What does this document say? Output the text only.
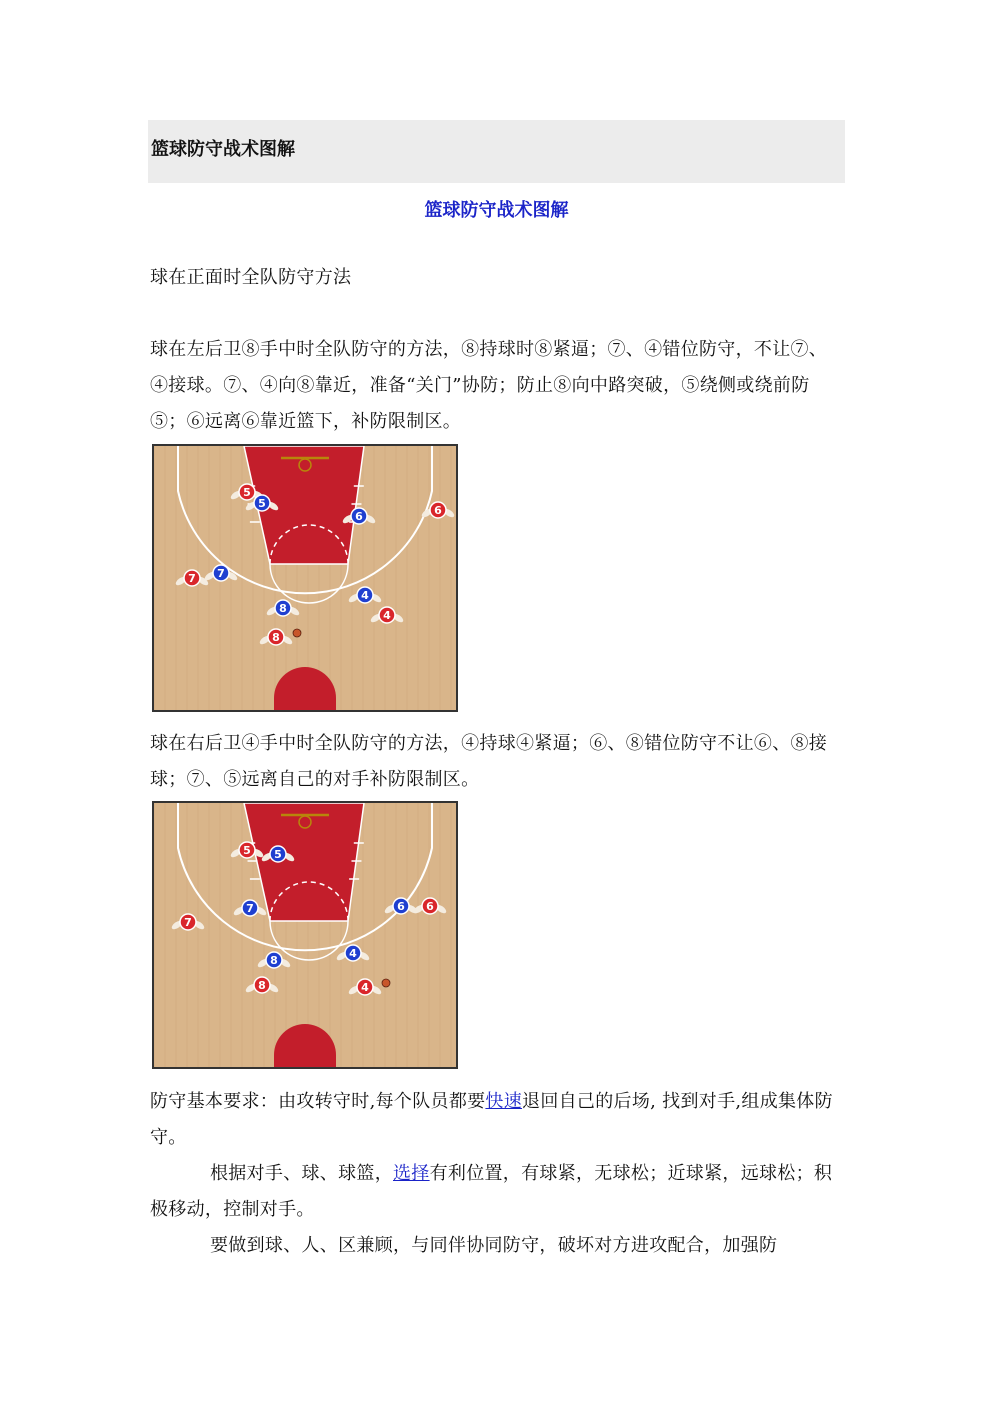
篮球防守战术图解
篮球防守战术图解
球在正面时全队防守方法
球在左后卫⑧手中时全队防守的方法，⑧持球时⑧紧逼；⑦、④错位防守，不让⑦、④接球。⑦、④向⑧靠近，准备“关门”协防；防止⑧向中路突破，⑤绕侧或绕前防⑤；⑥远离⑥靠近篮下，补防限制区。
5
5
6	6
7 7
4
4
8
8
球在右后卫④手中时全队防守的方法，④持球④紧逼；⑥、⑧错位防守不让⑥、⑧接球；⑦、⑤远离自己的对手补防限制区。
5 5
7
7
6 6
4
4
8
8
防守基本要求：由攻转守时,每个队员都要快速退回自己的后场, 找到对手,组成集体防守。
根据对手、球、球篮，选择有利位置，有球紧，无球松；近球紧，远球松；积极移动，控制对手。
要做到球、人、区兼顾，与同伴协同防守，破坏对方进攻配合，加强防
